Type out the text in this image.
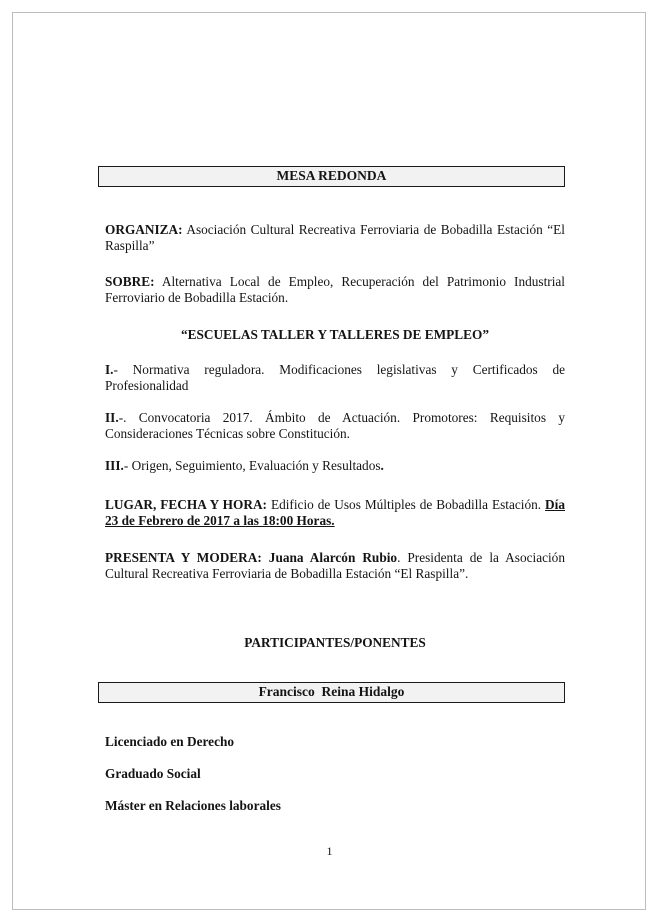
MESA REDONDA
ORGANIZA: Asociación Cultural Recreativa Ferroviaria de Bobadilla Estación “El Raspilla”
SOBRE: Alternativa Local de Empleo, Recuperación del Patrimonio Industrial Ferroviario de Bobadilla Estación.
“ESCUELAS TALLER Y TALLERES DE EMPLEO”
I.- Normativa reguladora. Modificaciones legislativas y Certificados de Profesionalidad
II.-. Convocatoria 2017. Ámbito de Actuación. Promotores: Requisitos y Consideraciones Técnicas sobre Constitución.
III.- Origen, Seguimiento, Evaluación y Resultados.
LUGAR, FECHA Y HORA: Edificio de Usos Múltiples de Bobadilla Estación. Día 23 de Febrero de 2017 a las 18:00 Horas.
PRESENTA Y MODERA: Juana Alarcón Rubio. Presidenta de la Asociación Cultural Recreativa Ferroviaria de Bobadilla Estación “El Raspilla”.
PARTICIPANTES/PONENTES
Francisco  Reina Hidalgo
Licenciado en Derecho
Graduado Social
Máster en Relaciones laborales
1
